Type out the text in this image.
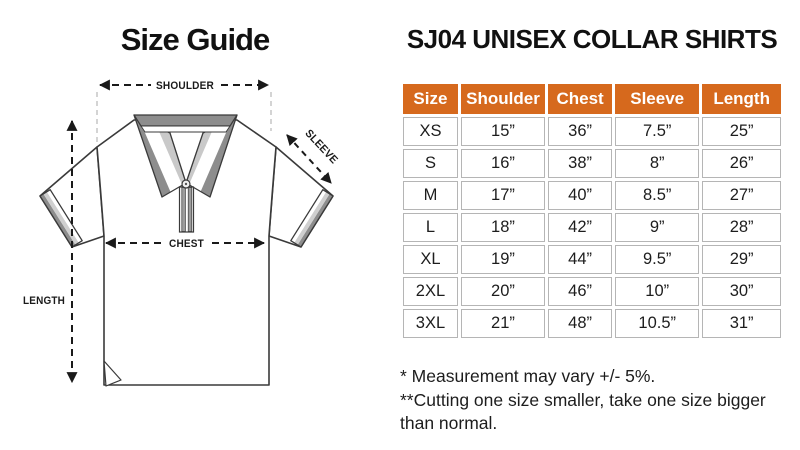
Size Guide
SHOULDER
SLEEVE
CHEST
LENGTH
SJ04 UNISEX COLLAR SHIRTS
Size	Shoulder	Chest	Sleeve	Length
XS	15”	36”	7.5”	25”
S	16”	38”	8”	26”
M	17”	40”	8.5”	27”
L	18”	42”	9”	28”
XL	19”	44”	9.5”	29”
2XL	20”	46”	10”	30”
3XL	21”	48”	10.5”	31”

* Measurement may vary +/- 5%.

**Cutting one size smaller, take one size bigger than normal.
